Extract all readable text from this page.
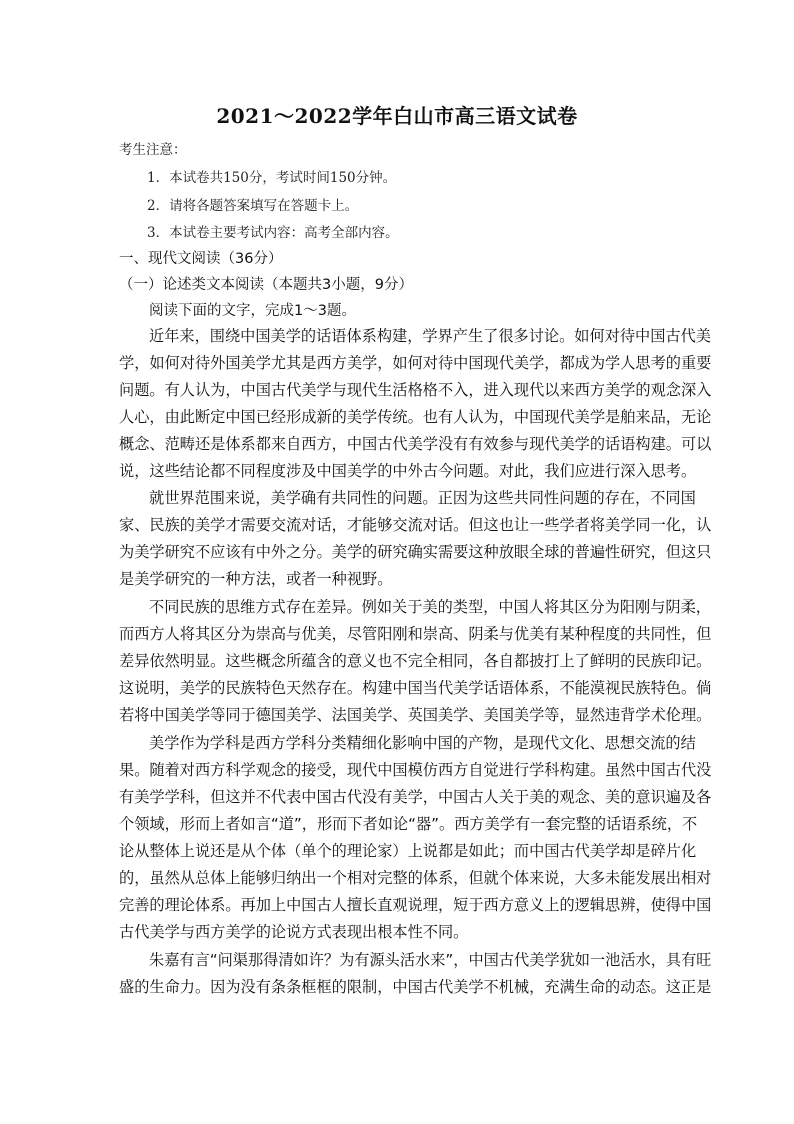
2021～2022学年白山市高三语文试卷
考生注意：
1．本试卷共150分，考试时间150分钟。
2．请将各题答案填写在答题卡上。
3．本试卷主要考试内容：高考全部内容。
一、现代文阅读（36分）
（一）论述类文本阅读（本题共3小题，9分）
阅读下面的文字，完成1～3题。
近年来，围绕中国美学的话语体系构建，学界产生了很多讨论。如何对待中国古代美
学，如何对待外国美学尤其是西方美学，如何对待中国现代美学，都成为学人思考的重要
问题。有人认为，中国古代美学与现代生活格格不入，进入现代以来西方美学的观念深入
人心，由此断定中国已经形成新的美学传统。也有人认为，中国现代美学是舶来品，无论
概念、范畴还是体系都来自西方，中国古代美学没有有效参与现代美学的话语构建。可以
说，这些结论都不同程度涉及中国美学的中外古今问题。对此，我们应进行深入思考。
就世界范围来说，美学确有共同性的问题。正因为这些共同性问题的存在，不同国
家、民族的美学才需要交流对话，才能够交流对话。但这也让一些学者将美学同一化，认
为美学研究不应该有中外之分。美学的研究确实需要这种放眼全球的普遍性研究，但这只
是美学研究的一种方法，或者一种视野。
不同民族的思维方式存在差异。例如关于美的类型，中国人将其区分为阳刚与阴柔，
而西方人将其区分为崇高与优美，尽管阳刚和崇高、阴柔与优美有某种程度的共同性，但
差异依然明显。这些概念所蕴含的意义也不完全相同，各自都披打上了鲜明的民族印记。
这说明，美学的民族特色天然存在。构建中国当代美学话语体系，不能漠视民族特色。倘
若将中国美学等同于德国美学、法国美学、英国美学、美国美学等，显然违背学术伦理。
美学作为学科是西方学科分类精细化影响中国的产物，是现代文化、思想交流的结
果。随着对西方科学观念的接受，现代中国模仿西方自觉进行学科构建。虽然中国古代没
有美学学科，但这并不代表中国古代没有美学，中国古人关于美的观念、美的意识遍及各
个领域，形而上者如言“道”，形而下者如论“器”。西方美学有一套完整的话语系统，不
论从整体上说还是从个体（单个的理论家）上说都是如此；而中国古代美学却是碎片化
的，虽然从总体上能够归纳出一个相对完整的体系，但就个体来说，大多未能发展出相对
完善的理论体系。再加上中国古人擅长直观说理，短于西方意义上的逻辑思辨，使得中国
古代美学与西方美学的论说方式表现出根本性不同。
朱嘉有言“问渠那得清如许？为有源头活水来”，中国古代美学犹如一池活水，具有旺
盛的生命力。因为没有条条框框的限制，中国古代美学不机械，充满生命的动态。这正是
